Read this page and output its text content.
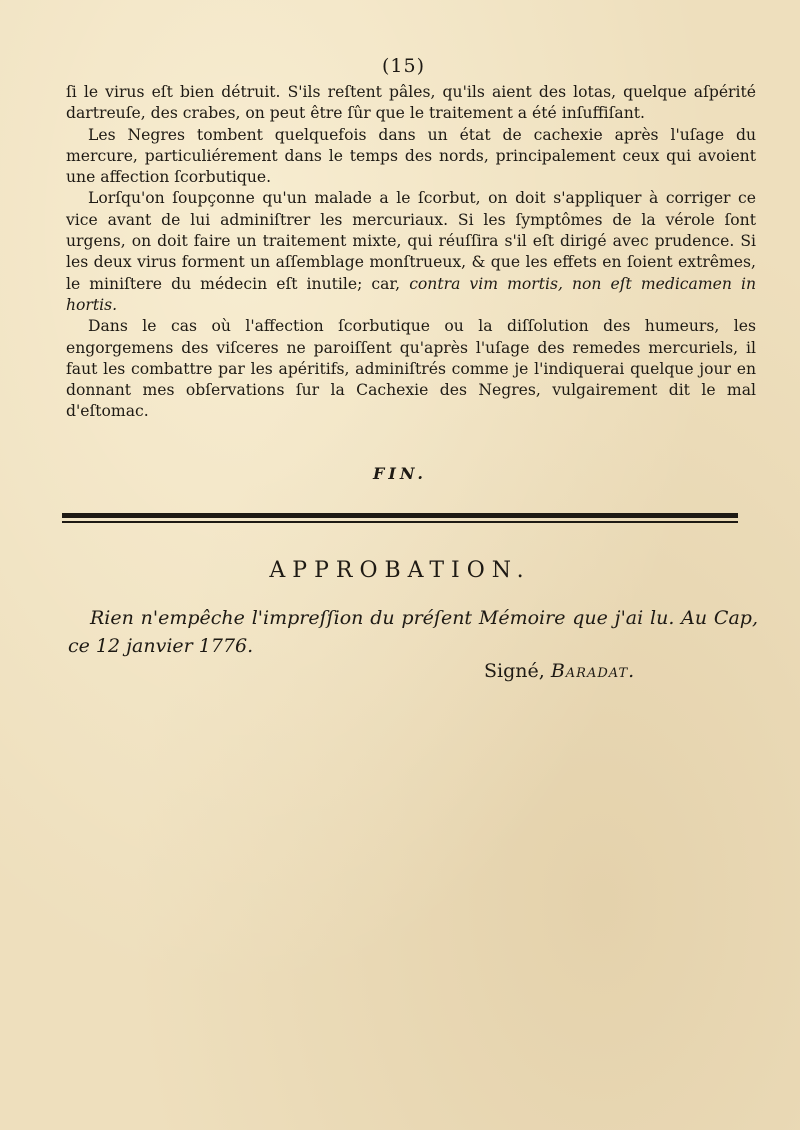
(15)

ſi le virus eſt bien détruit. S'ils reſtent pâles, qu'ils aient des lotas, quelque aſpérité dartreuſe, des crabes, on peut être ſûr que le traitement a été inſuffiſant.

Les Negres tombent quelquefois dans un état de cachexie après l'uſage du mercure, particuliérement dans le temps des nords, principalement ceux qui avoient une affection ſcorbutique.

Lorſqu'on ſoupçonne qu'un malade a le ſcorbut, on doit s'appliquer à corriger ce vice avant de lui adminiſtrer les mercuriaux. Si les ſymptômes de la vérole ſont urgens, on doit faire un traitement mixte, qui réuſſira s'il eſt dirigé avec prudence. Si les deux virus forment un aſſemblage monſtrueux, & que les effets en ſoient extrêmes, le miniſtere du médecin eſt inutile; car, contra vim mortis, non eſt medicamen in hortis.

Dans le cas où l'affection ſcorbutique ou la diſſolution des humeurs, les engorgemens des viſceres ne paroiſſent qu'après l'uſage des remedes mercuriels, il faut les combattre par les apéritifs, adminiſtrés comme je l'indiquerai quelque jour en donnant mes obſervations ſur la Cachexie des Negres, vulgairement dit le mal d'eſtomac.

FIN.
APPROBATION.

Rien n'empêche l'impreſſion du préſent Mémoire que j'ai lu. Au Cap, ce 12 janvier 1776.

Signé, Baradat.
